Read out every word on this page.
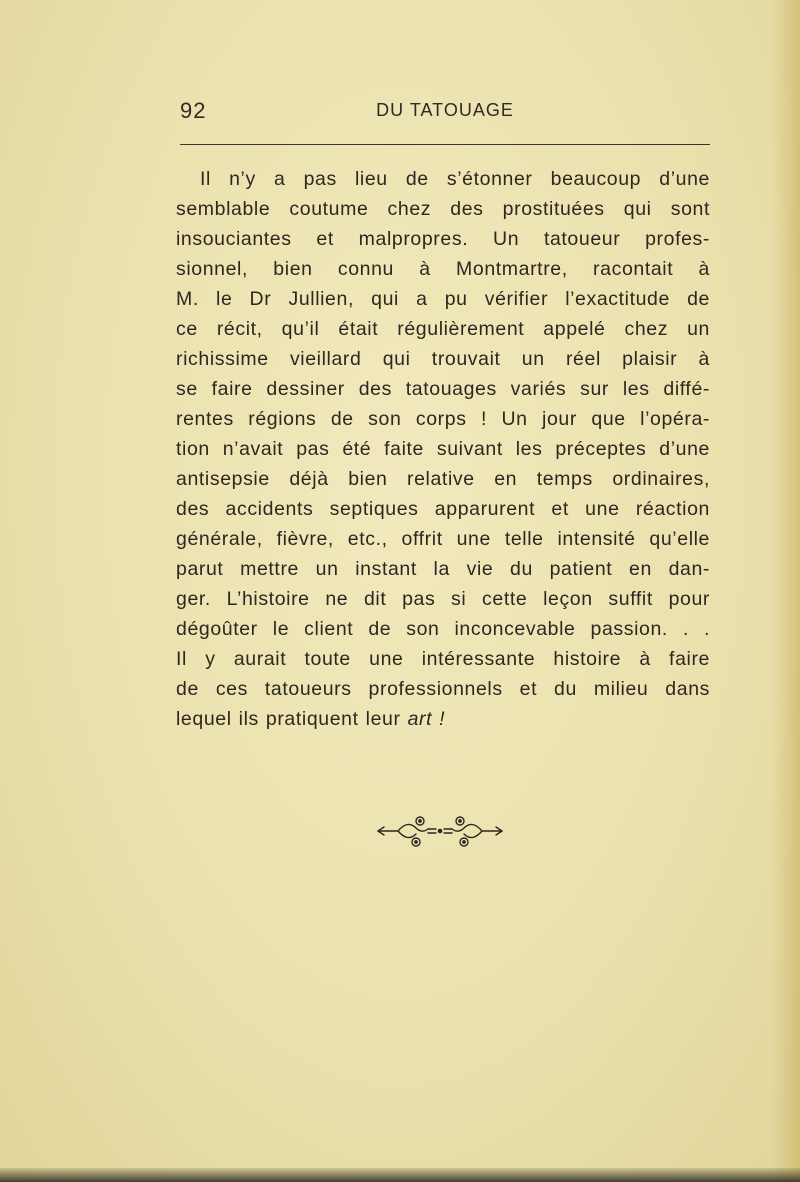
92	DU TATOUAGE
Il n’y a pas lieu de s’étonner beaucoup d’une
semblable coutume chez des prostituées qui sont
insouciantes et malpropres. Un tatoueur profes-
sionnel, bien connu à Montmartre, racontait à
M. le Dr Jullien, qui a pu vérifier l’exactitude de
ce récit, qu’il était régulièrement appelé chez un
richissime vieillard qui trouvait un réel plaisir à
se faire dessiner des tatouages variés sur les diffé-
rentes régions de son corps ! Un jour que l’opéra-
tion n’avait pas été faite suivant les préceptes d’une
antisepsie déjà bien relative en temps ordinaires,
des accidents septiques apparurent et une réaction
générale, fièvre, etc., offrit une telle intensité qu’elle
parut mettre un instant la vie du patient en dan-
ger. L’histoire ne dit pas si cette leçon suffit pour
dégoûter le client de son inconcevable passion. . .
Il y aurait toute une intéressante histoire à faire
de ces tatoueurs professionnels et du milieu dans
lequel ils pratiquent leur art !
